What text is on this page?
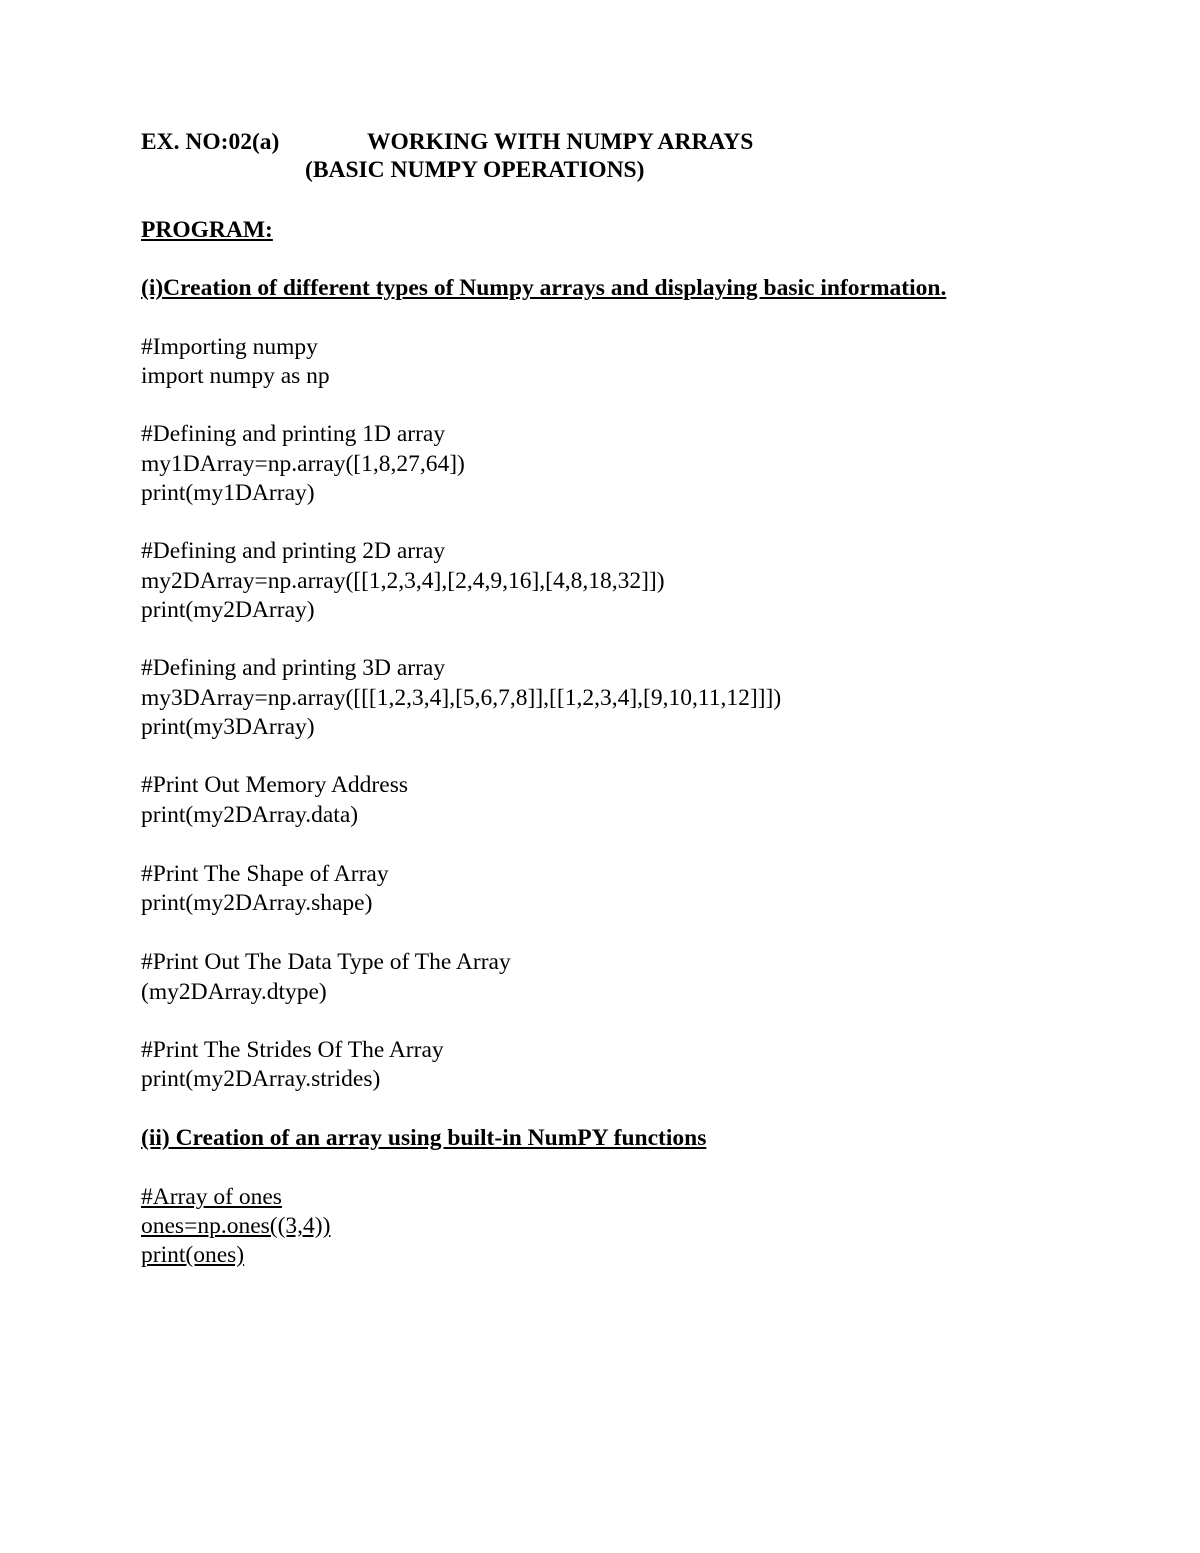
EX. NO:02(a)	WORKING WITH NUMPY ARRAYS

(BASIC NUMPY OPERATIONS)

PROGRAM:

(i)Creation of different types of Numpy arrays and displaying basic information.

#Importing numpy

import numpy as np

#Defining and printing 1D array

my1DArray=np.array([1,8,27,64])

print(my1DArray)

#Defining and printing 2D array

my2DArray=np.array([[1,2,3,4],[2,4,9,16],[4,8,18,32]])

print(my2DArray)

#Defining and printing 3D array

my3DArray=np.array([[[1,2,3,4],[5,6,7,8]],[[1,2,3,4],[9,10,11,12]]])

print(my3DArray)

#Print Out Memory Address

print(my2DArray.data)

#Print The Shape of Array

print(my2DArray.shape)

#Print Out The Data Type of The Array

(my2DArray.dtype)

#Print The Strides Of The Array

print(my2DArray.strides)

(ii) Creation of an array using built-in NumPY functions

#Array of ones

ones=np.ones((3,4))

print(ones)
